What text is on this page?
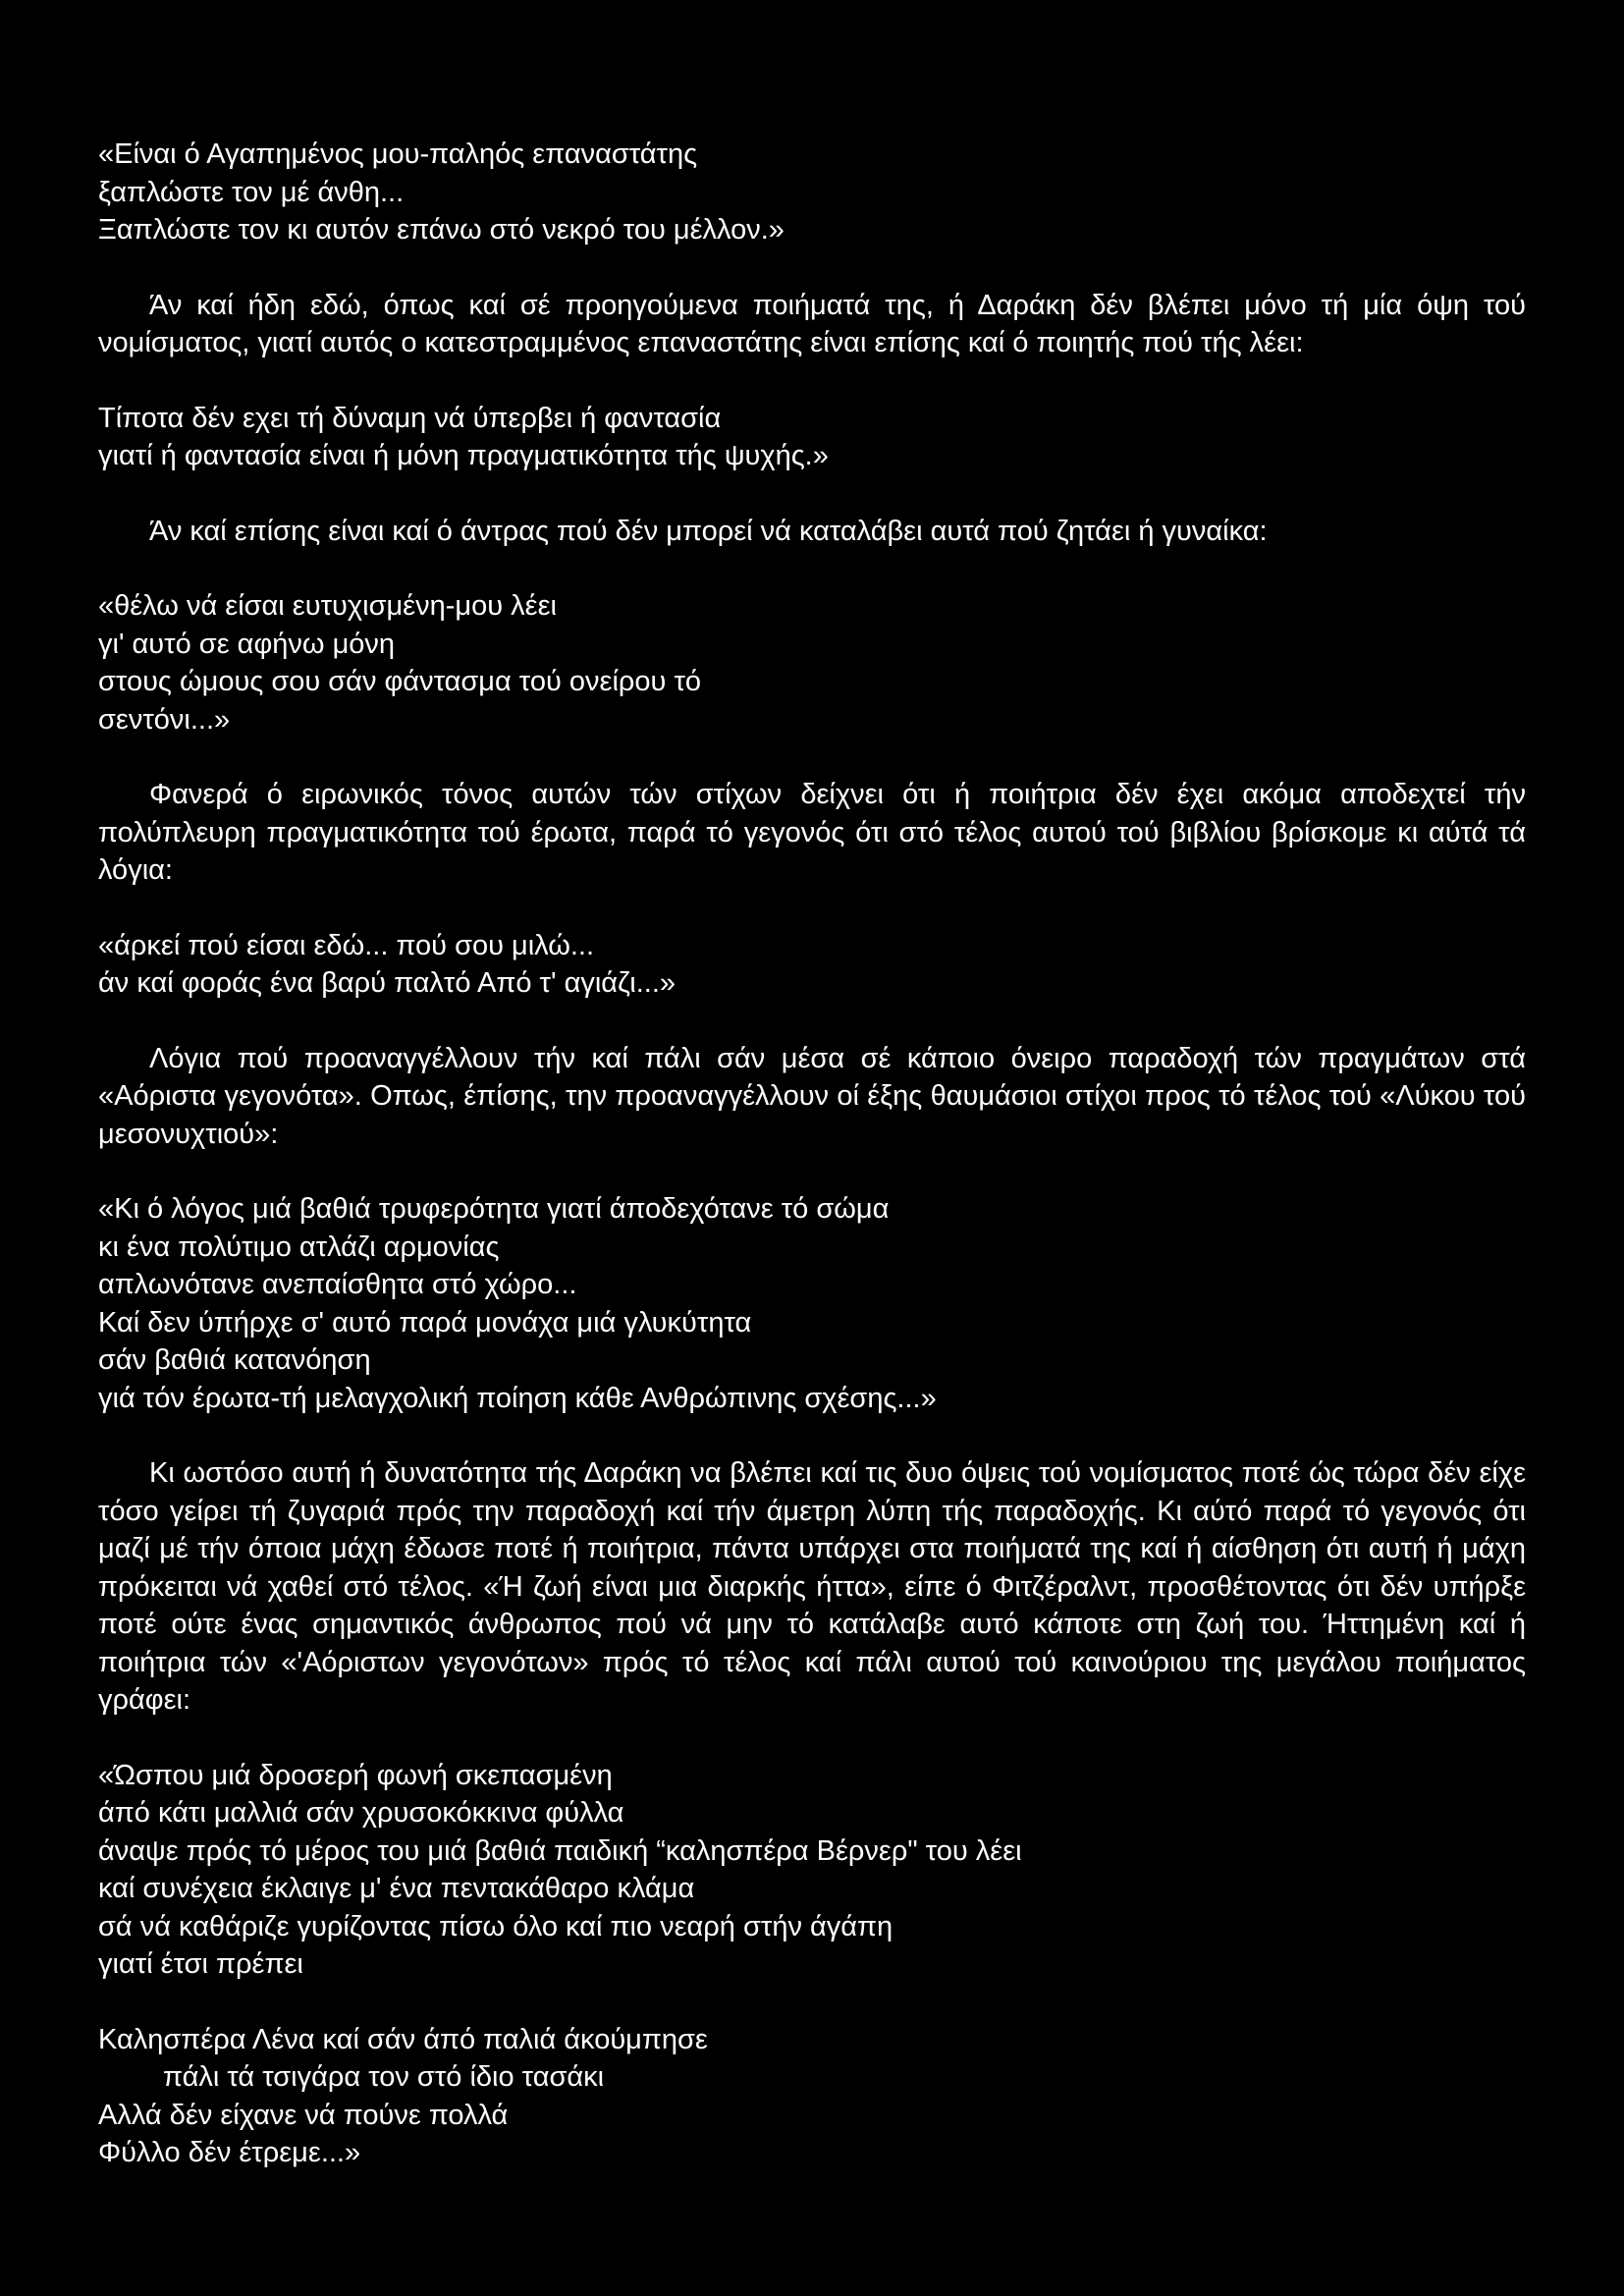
«Είναι ό Αγαπημένος μου-παληός επαναστάτης
ξαπλώστε τον μέ άνθη...
Ξαπλώστε τον κι αυτόν επάνω στό νεκρό του μέλλον.»

Άν καί ήδη εδώ, όπως καί σέ προηγούμενα ποιήματά της, ή Δαράκη δέν βλέπει μόνο τή μία όψη τού νομίσματος, γιατί αυτός ο κατεστραμμένος επαναστάτης είναι επίσης καί ό ποιητής πού τής λέει:

Τίποτα δέν εχει τή δύναμη νά ύπερβει ή φαντασία
γιατί ή φαντασία είναι ή μόνη πραγματικότητα τής ψυχής.»

Άν καί επίσης είναι καί ό άντρας πού δέν μπορεί νά καταλάβει αυτά πού ζητάει ή γυναίκα:

«θέλω νά είσαι ευτυχισμένη-μου λέει
γι' αυτό σε αφήνω μόνη
στους ώμους σου σάν φάντασμα τού ονείρου τό
σεντόνι...»

Φανερά ό ειρωνικός τόνος αυτών τών στίχων δείχνει ότι ή ποιήτρια δέν έχει ακόμα αποδεχτεί τήν πολύπλευρη πραγματικότητα τού έρωτα, παρά τό γεγονός ότι στό τέλος αυτού τού βιβλίου βρίσκομε κι αύτά τά λόγια:

«άρκεί πού είσαι εδώ... πού σου μιλώ...
άν καί φοράς ένα βαρύ παλτό Από τ' αγιάζι...»

Λόγια πού προαναγγέλλουν τήν καί πάλι σάν μέσα σέ κάποιο όνειρο παραδοχή τών πραγμάτων στά «Αόριστα γεγονότα». Οπως, έπίσης, την προαναγγέλλουν οί έξης θαυμάσιοι στίχοι προς τό τέλος τού «Λύκου τού μεσονυχτιού»:

«Κι ό λόγος μιά βαθιά τρυφερότητα γιατί άποδεχότανε τό σώμα
κι ένα πολύτιμο ατλάζι αρμονίας
απλωνότανε ανεπαίσθητα στό χώρο...
Καί δεν ύπήρχε σ' αυτό παρά μονάχα μιά γλυκύτητα
σάν βαθιά κατανόηση
γιά τόν έρωτα-τή μελαγχολική ποίηση κάθε Ανθρώπινης σχέσης...»

Κι ωστόσο αυτή ή δυνατότητα τής Δαράκη να βλέπει καί τις δυο όψεις τού νομίσματος ποτέ ώς τώρα δέν είχε τόσο γείρει τή ζυγαριά πρός την παραδοχή καί τήν άμετρη λύπη τής παραδοχής. Κι αύτό παρά τό γεγονός ότι μαζί μέ τήν όποια μάχη έδωσε ποτέ ή ποιήτρια, πάντα υπάρχει στα ποιήματά της καί ή αίσθηση ότι αυτή ή μάχη πρόκειται νά χαθεί στό τέλος. «Ή ζωή είναι μια διαρκής ήττα», είπε ό Φιτζέραλντ, προσθέτοντας ότι δέν υπήρξε ποτέ ούτε ένας σημαντικός άνθρωπος πού νά μην τό κατάλαβε αυτό κάποτε στη ζωή του. Ήττημένη καί ή ποιήτρια τών «'Αόριστων γεγονότων» πρός τό τέλος καί πάλι αυτού τού καινούριου της μεγάλου ποιήματος γράφει:

«Ώσπου μιά δροσερή φωνή σκεπασμένη
άπό κάτι μαλλιά σάν χρυσοκόκκινα φύλλα
άναψε πρός τό μέρος του μιά βαθιά παιδική “καλησπέρα Βέρνερ" του λέει
καί συνέχεια έκλαιγε μ' ένα πεντακάθαρο κλάμα
σά νά καθάριζε γυρίζοντας πίσω όλο καί πιο νεαρή στήν άγάπη
γιατί έτσι πρέπει
Καλησπέρα Λένα καί σάν άπό παλιά άκούμπησε
πάλι τά τσιγάρα τον στό ίδιο τασάκι
Αλλά δέν είχανε νά πούνε πολλά
Φύλλο δέν έτρεμε...»
